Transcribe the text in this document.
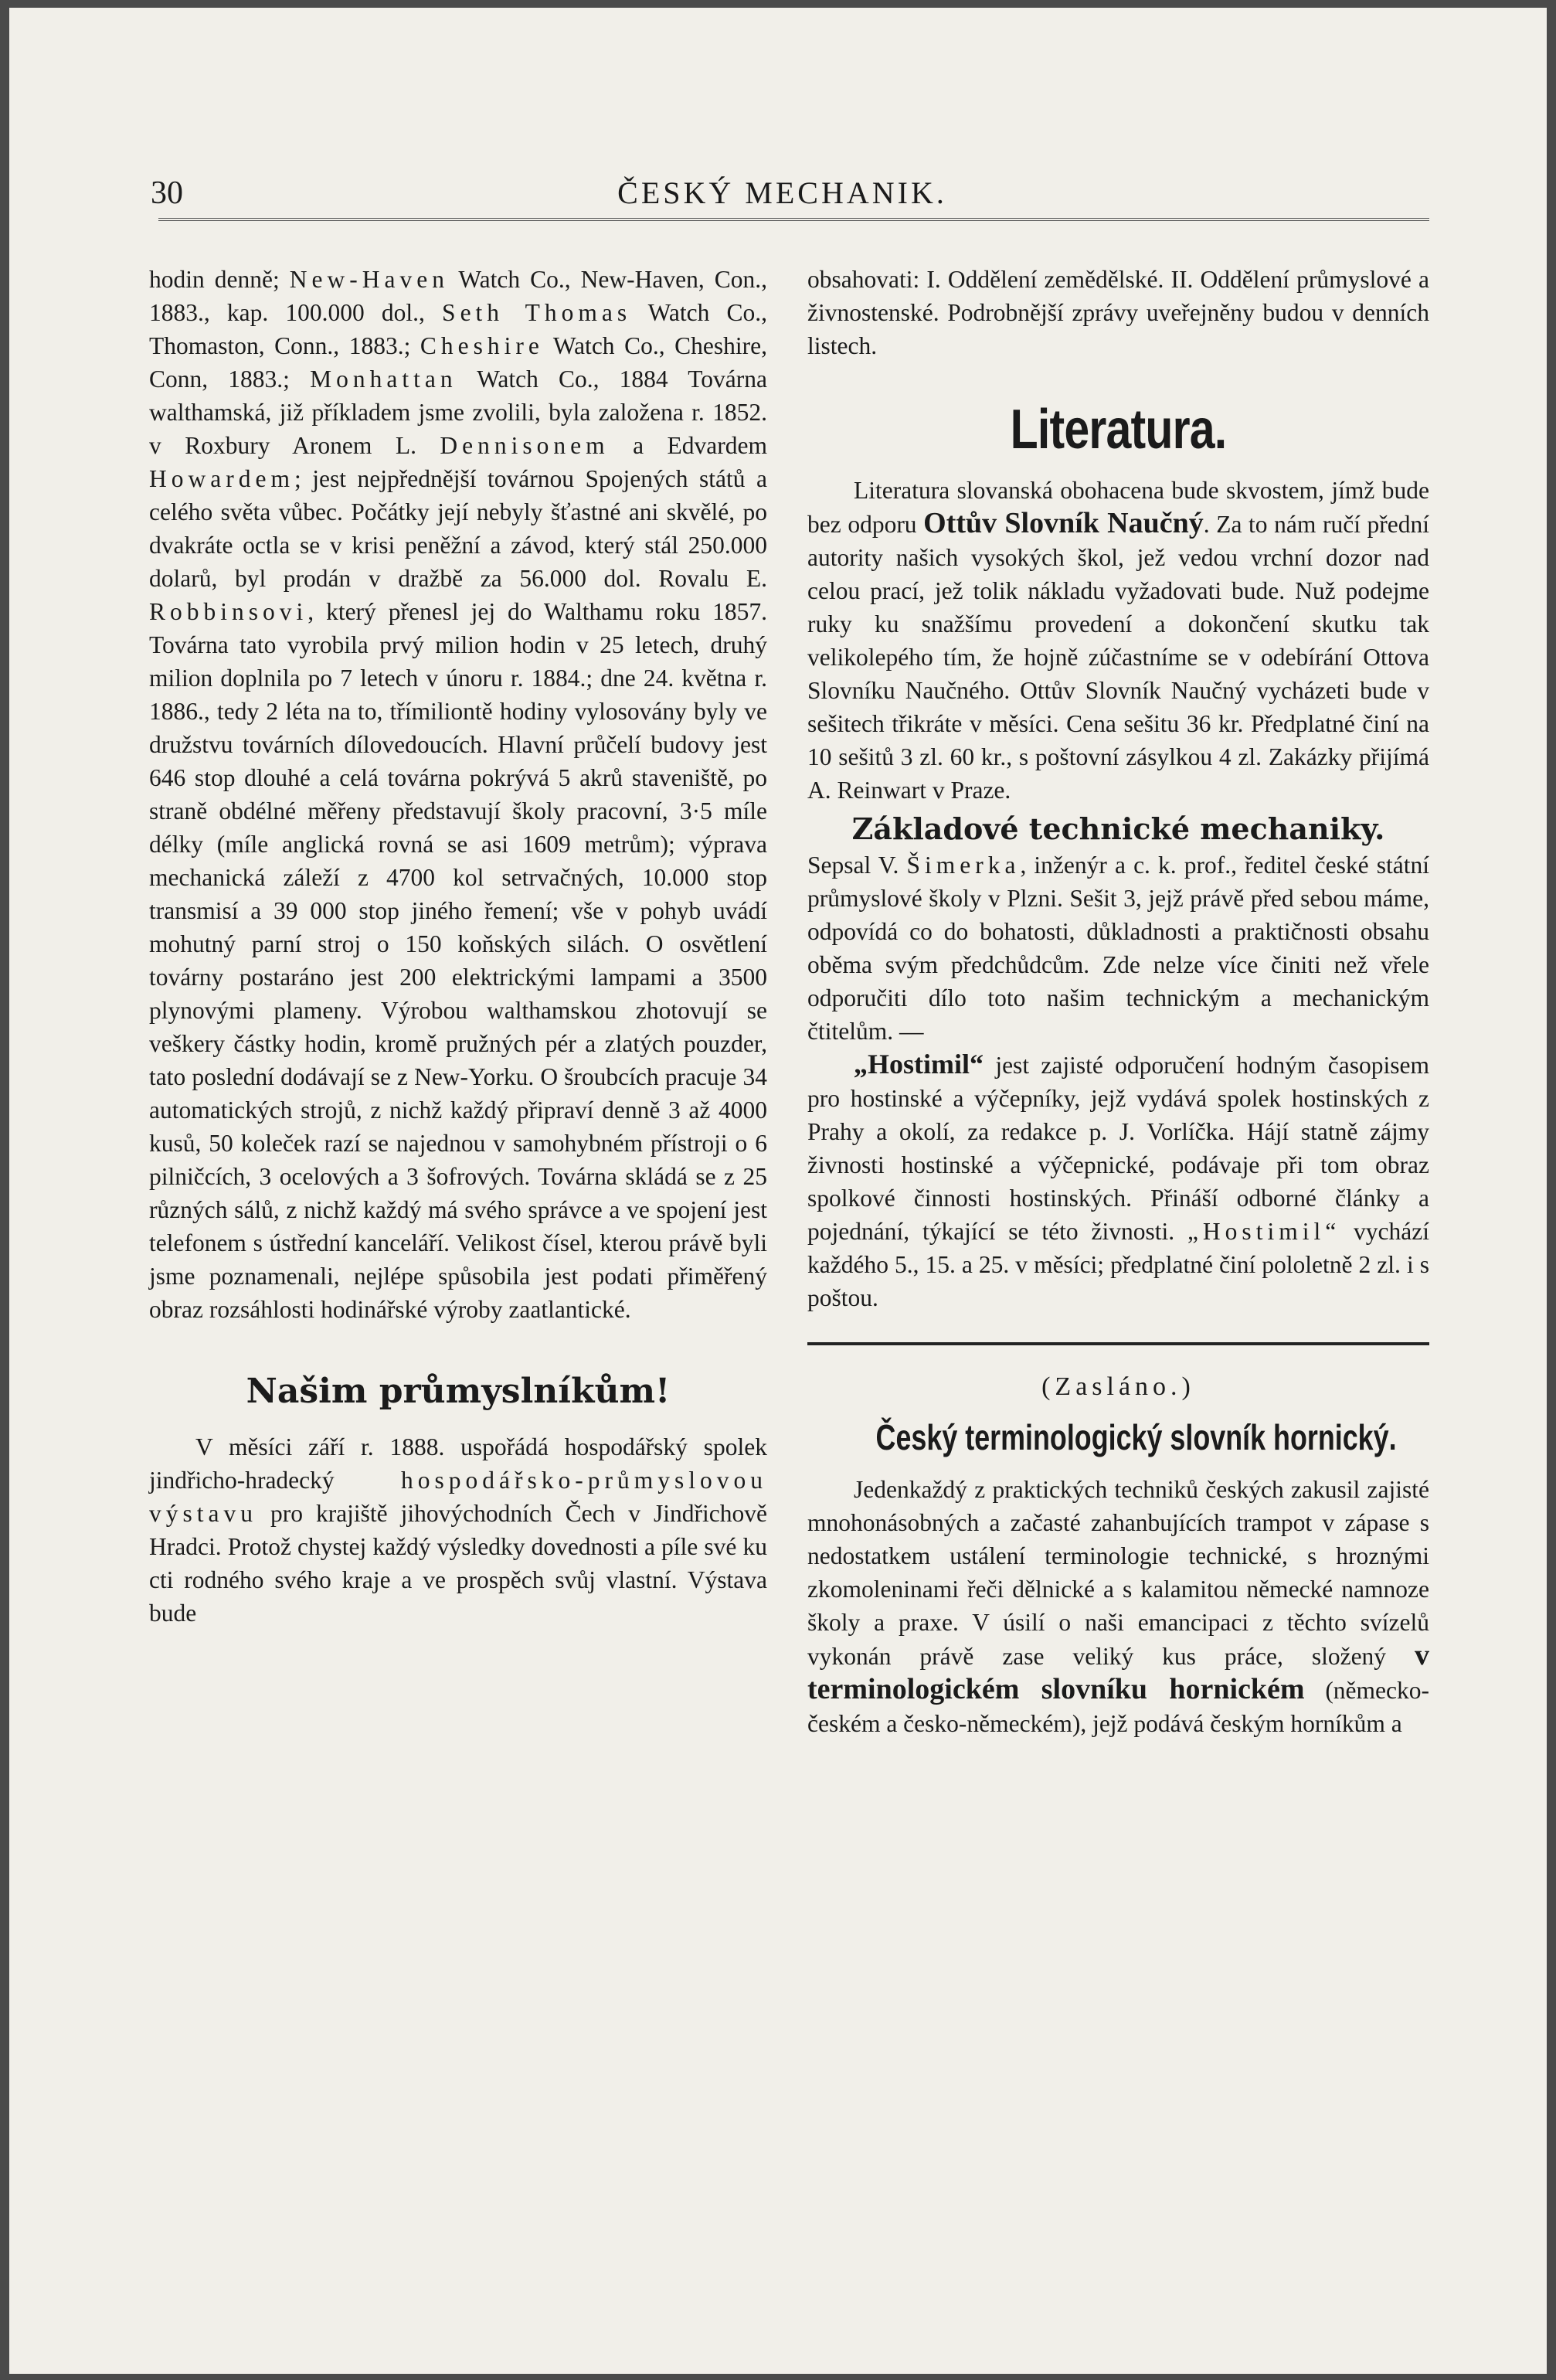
30	ČESKÝ MECHANIK.

hodin denně; New-Haven Watch Co., New-Haven, Con., 1883., kap. 100.000 dol., Seth Thomas Watch Co., Thomaston, Conn., 1883.; Cheshire Watch Co., Cheshire, Conn, 1883.; Monhattan Watch Co., 1884 Továrna walthamská, již příkladem jsme zvolili, byla založena r. 1852. v Roxbury Aronem L. Dennisonem a Edvardem Howardem; jest nejpřednější továrnou Spojených států a celého světa vůbec. Počátky její nebyly šťastné ani skvělé, po dvakráte octla se v krisi peněžní a závod, který stál 250.000 dolarů, byl prodán v dražbě za 56.000 dol. Rovalu E. Robbinsovi, který přenesl jej do Walthamu roku 1857. Továrna tato vyrobila prvý milion hodin v 25 letech, druhý milion doplnila po 7 letech v únoru r. 1884.; dne 24. května r. 1886., tedy 2 léta na to, třímiliontě hodiny vylosovány byly ve družstvu továrních dílovedoucích. Hlavní průčelí budovy jest 646 stop dlouhé a celá továrna pokrývá 5 akrů staveniště, po straně obdélné měřeny představují školy pracovní, 3·5 míle délky (míle anglická rovná se asi 1609 metrům); výprava mechanická záleží z 4700 kol setrvačných, 10.000 stop transmisí a 39 000 stop jiného řemení; vše v pohyb uvádí mohutný parní stroj o 150 koňských silách. O osvětlení továrny postaráno jest 200 elektrickými lampami a 3500 plynovými plameny. Výrobou walthamskou zhotovují se veškery částky hodin, kromě pružných pér a zlatých pouzder, tato poslední dodávají se z New-Yorku. O šroubcích pracuje 34 automatických strojů, z nichž každý připraví denně 3 až 4000 kusů, 50 koleček razí se najednou v samohybném přístroji o 6 pilničcích, 3 ocelových a 3 šofrových. Továrna skládá se z 25 různých sálů, z nichž každý má svého správce a ve spojení jest telefonem s ústřední kanceláří. Velikost čísel, kterou právě byli jsme poznamenali, nejlépe spůsobila jest podati přiměřený obraz rozsáhlosti hodinářské výroby zaatlantické.

Našim průmyslníkům!

V měsíci září r. 1888. uspořádá hospodářský spolek jindřicho-hradecký hospodářsko-průmyslovou výstavu pro krajiště jihovýchodních Čech v Jindřichově Hradci. Protož chystej každý výsledky dovednosti a píle své ku cti rodného svého kraje a ve prospěch svůj vlastní. Výstava bude

obsahovati: I. Oddělení zemědělské. II. Oddělení průmyslové a živnostenské. Podrobnější zprávy uveřejněny budou v denních listech.

Literatura.

Literatura slovanská obohacena bude skvostem, jímž bude bez odporu Ottův Slovník Naučný. Za to nám ručí přední autority našich vysokých škol, jež vedou vrchní dozor nad celou prací, jež tolik nákladu vyžadovati bude. Nuž podejme ruky ku snažšímu provedení a dokončení skutku tak velikolepého tím, že hojně zúčastníme se v odebírání Ottova Slovníku Naučného. Ottův Slovník Naučný vycházeti bude v sešitech třikráte v měsíci. Cena sešitu 36 kr. Předplatné činí na 10 sešitů 3 zl. 60 kr., s poštovní zásylkou 4 zl. Zakázky přijímá A. Reinwart v Praze.

Základové technické mechaniky.

Sepsal V. Šimerka, inženýr a c. k. prof., ředitel české státní průmyslové školy v Plzni. Sešit 3, jejž právě před sebou máme, odpovídá co do bohatosti, důkladnosti a praktičnosti obsahu oběma svým předchůdcům. Zde nelze více činiti než vřele odporučiti dílo toto našim technickým a mechanickým čtitelům. —

„Hostimil“ jest zajisté odporučení hodným časopisem pro hostinské a výčepníky, jejž vydává spolek hostinských z Prahy a okolí, za redakce p. J. Vorlíčka. Hájí statně zájmy živnosti hostinské a výčepnické, podávaje při tom obraz spolkové činnosti hostinských. Přináší odborné články a pojednání, týkající se této živnosti. „Hostimil“ vychází každého 5., 15. a 25. v měsíci; předplatné činí pololetně 2 zl. i s poštou.

(Zasláno.)
Český terminologický slovník hornický.

Jedenkaždý z praktických techniků českých zakusil zajisté mnohonásobných a začasté zahanbujících trampot v zápase s nedostatkem ustálení terminologie technické, s hroznými zkomoleninami řeči dělnické a s kalamitou německé namnoze školy a praxe. V úsilí o naši emancipaci z těchto svízelů vykonán právě zase veliký kus práce, složený v terminologickém slovníku hornickém (německo-českém a česko-německém), jejž podává českým horníkům a
